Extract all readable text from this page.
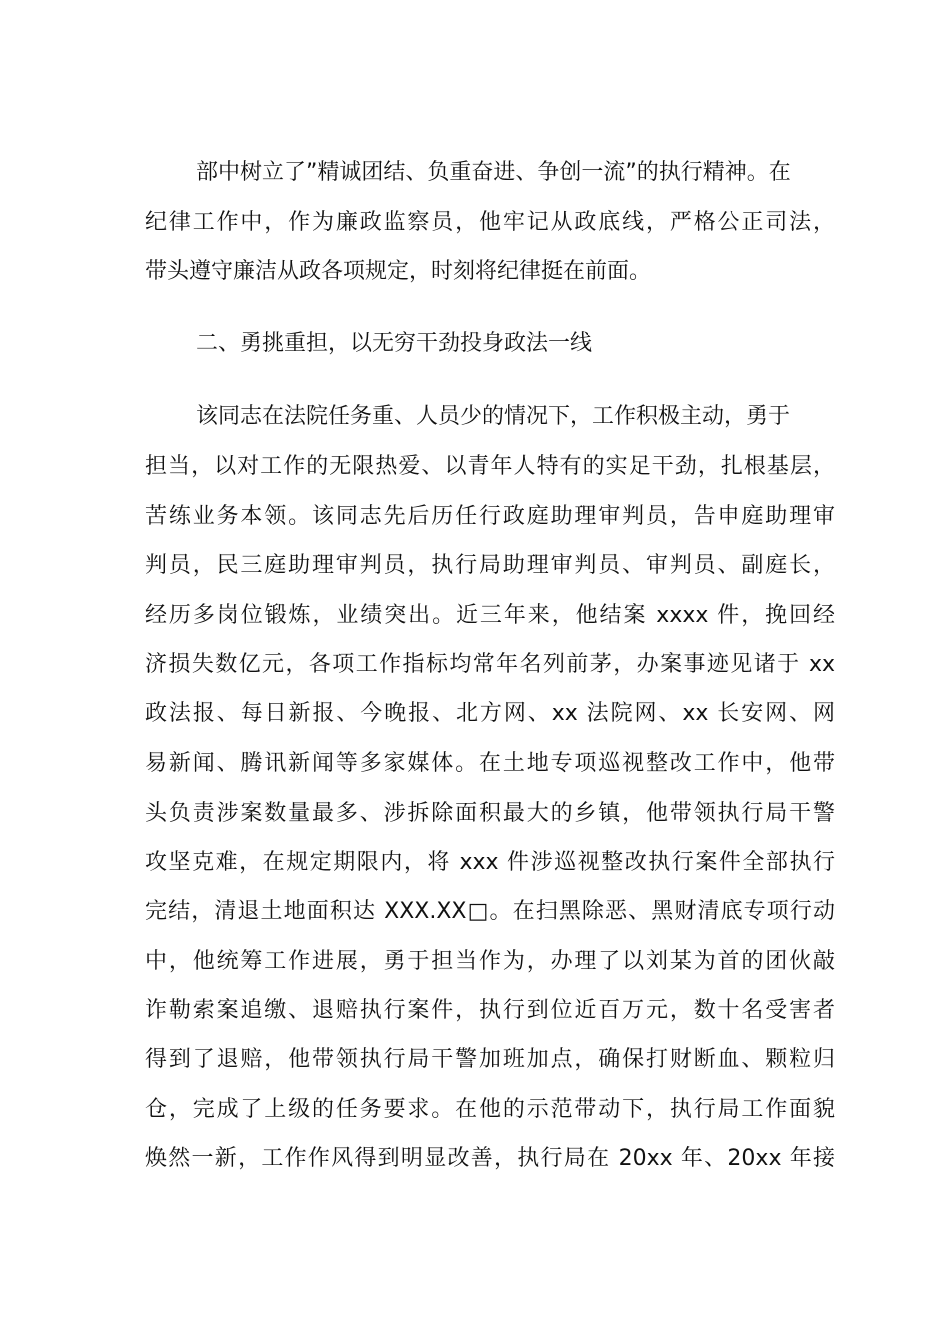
部中树立了”精诚团结、负重奋进、争创一流”的执行精神。在
纪律工作中，作为廉政监察员，他牢记从政底线，严格公正司法，
带头遵守廉洁从政各项规定，时刻将纪律挺在前面。
二、勇挑重担，以无穷干劲投身政法一线
该同志在法院任务重、人员少的情况下，工作积极主动，勇于
担当，以对工作的无限热爱、以青年人特有的实足干劲，扎根基层，
苦练业务本领。该同志先后历任行政庭助理审判员，告申庭助理审
判员，民三庭助理审判员，执行局助理审判员、审判员、副庭长，
经历多岗位锻炼，业绩突出。近三年来，他结案 xxxx 件，挽回经
济损失数亿元，各项工作指标均常年名列前茅，办案事迹见诸于 xx
政法报、每日新报、今晚报、北方网、xx 法院网、xx 长安网、网
易新闻、腾讯新闻等多家媒体。在土地专项巡视整改工作中，他带
头负责涉案数量最多、涉拆除面积最大的乡镇，他带领执行局干警
攻坚克难，在规定期限内，将 xxx 件涉巡视整改执行案件全部执行
完结，清退土地面积达 XXX.XX□。在扫黑除恶、黑财清底专项行动
中，他统筹工作进展，勇于担当作为，办理了以刘某为首的团伙敲
诈勒索案追缴、退赔执行案件，执行到位近百万元，数十名受害者
得到了退赔，他带领执行局干警加班加点，确保打财断血、颗粒归
仓，完成了上级的任务要求。在他的示范带动下，执行局工作面貌
焕然一新，工作作风得到明显改善，执行局在 20xx 年、20xx 年接
